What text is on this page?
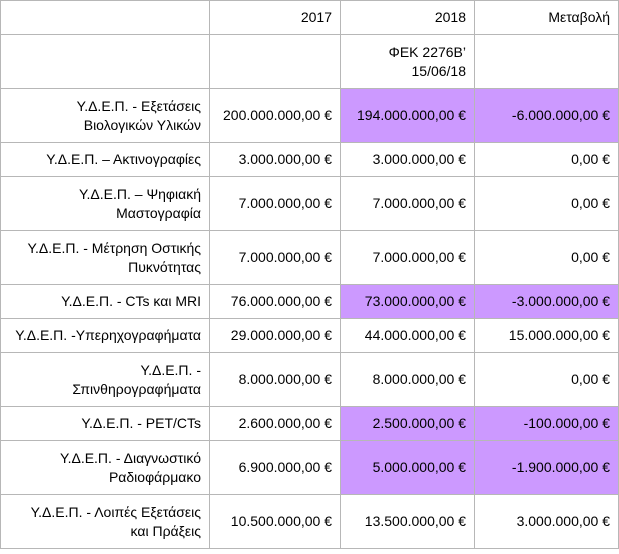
	2017	2018	Μεταβολή

		ΦΕΚ 2276Β’
15/06/18	

Υ.Δ.Ε.Π. - Εξετάσεις
Βιολογικών Υλικών	200.000.000,00 €	194.000.000,00 €	-6.000.000,00 €

Υ.Δ.Ε.Π. – Ακτινογραφίες	3.000.000,00 €	3.000.000,00 €	0,00 €

Υ.Δ.Ε.Π. – Ψηφιακή
Μαστογραφία	7.000.000,00 €	7.000.000,00 €	0,00 €

Υ.Δ.Ε.Π. - Μέτρηση Οστικής
Πυκνότητας	7.000.000,00 €	7.000.000,00 €	0,00 €

Υ.Δ.Ε.Π. - CTs και MRI	76.000.000,00 €	73.000.000,00 €	-3.000.000,00 €

Υ.Δ.Ε.Π. -Υπερηχογραφήματα	29.000.000,00 €	44.000.000,00 €	15.000.000,00 €

Υ.Δ.Ε.Π. -
Σπινθηρογραφήματα	8.000.000,00 €	8.000.000,00 €	0,00 €

Υ.Δ.Ε.Π. - PET/CTs	2.600.000,00 €	2.500.000,00 €	-100.000,00 €

Υ.Δ.Ε.Π. - Διαγνωστικό
Ραδιοφάρμακο	6.900.000,00 €	5.000.000,00 €	-1.900.000,00 €

Υ.Δ.Ε.Π. - Λοιπές Εξετάσεις
και Πράξεις	10.500.000,00 €	13.500.000,00 €	3.000.000,00 €
